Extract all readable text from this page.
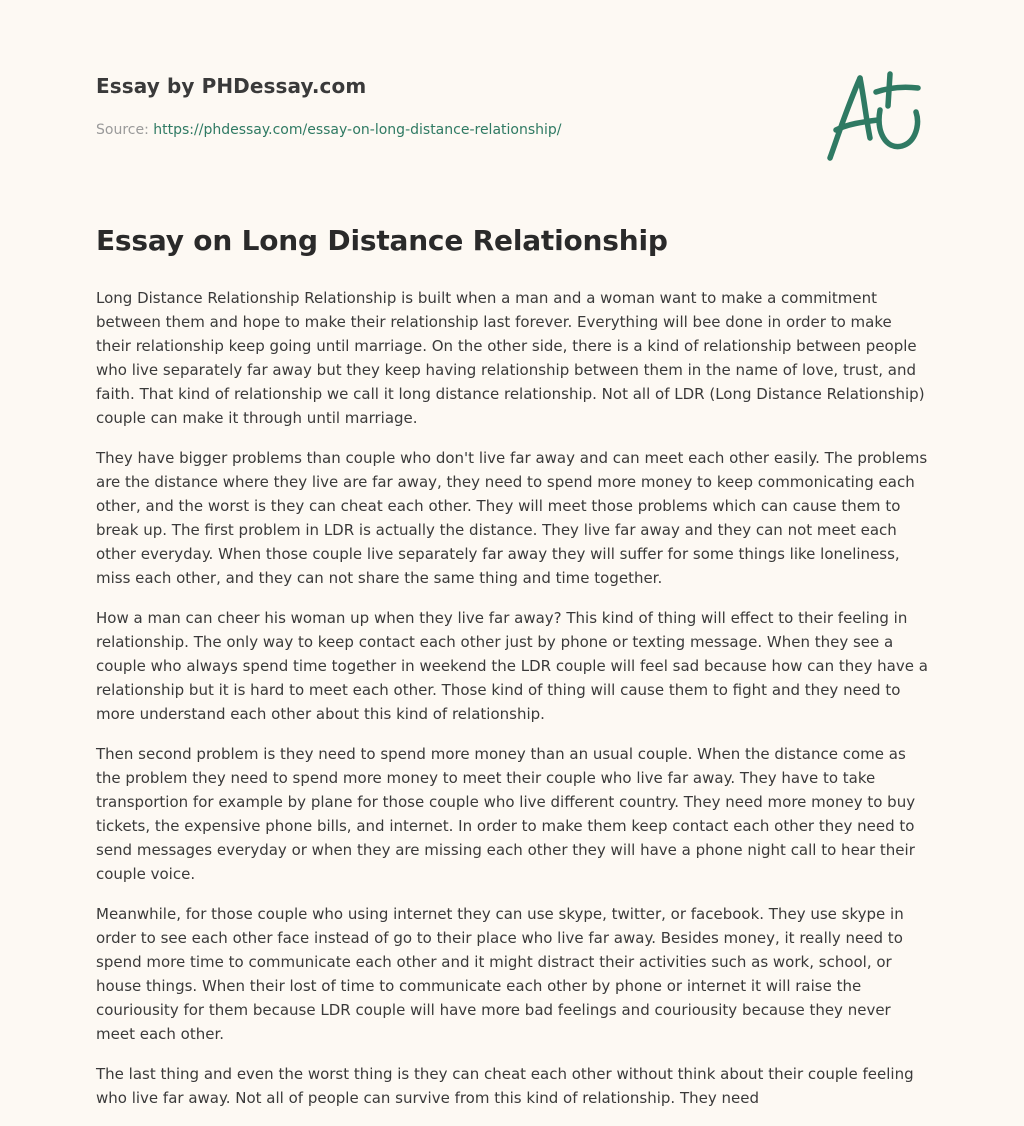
Essay by PHDessay.com
Source: https://phdessay.com/essay-on-long-distance-relationship/
Essay on Long Distance Relationship

Long Distance Relationship Relationship is built when a man and a woman want to make a commitment between them and hope to make their relationship last forever. Everything will bee done in order to make their relationship keep going until marriage. On the other side, there is a kind of relationship between people who live separately far away but they keep having relationship between them in the name of love, trust, and faith. That kind of relationship we call it long distance relationship. Not all of LDR (Long Distance Relationship) couple can make it through until marriage.

They have bigger problems than couple who don't live far away and can meet each other easily. The problems are the distance where they live are far away, they need to spend more money to keep commonicating each other, and the worst is they can cheat each other. They will meet those problems which can cause them to break up. The first problem in LDR is actually the distance. They live far away and they can not meet each other everyday. When those couple live separately far away they will suffer for some things like loneliness, miss each other, and they can not share the same thing and time together.

How a man can cheer his woman up when they live far away? This kind of thing will effect to their feeling in relationship. The only way to keep contact each other just by phone or texting message. When they see a couple who always spend time together in weekend the LDR couple will feel sad because how can they have a relationship but it is hard to meet each other. Those kind of thing will cause them to fight and they need to more understand each other about this kind of relationship.

Then second problem is they need to spend more money than an usual couple. When the distance come as the problem they need to spend more money to meet their couple who live far away. They have to take transportion for example by plane for those couple who live different country. They need more money to buy tickets, the expensive phone bills, and internet. In order to make them keep contact each other they need to send messages everyday or when they are missing each other they will have a phone night call to hear their couple voice.

Meanwhile, for those couple who using internet they can use skype, twitter, or facebook. They use skype in order to see each other face instead of go to their place who live far away. Besides money, it really need to spend more time to communicate each other and it might distract their activities such as work, school, or house things. When their lost of time to communicate each other by phone or internet it will raise the couriousity for them because LDR couple will have more bad feelings and couriousity because they never meet each other.

The last thing and even the worst thing is they can cheat each other without think about their couple feeling who live far away. Not all of people can survive from this kind of relationship. They need
